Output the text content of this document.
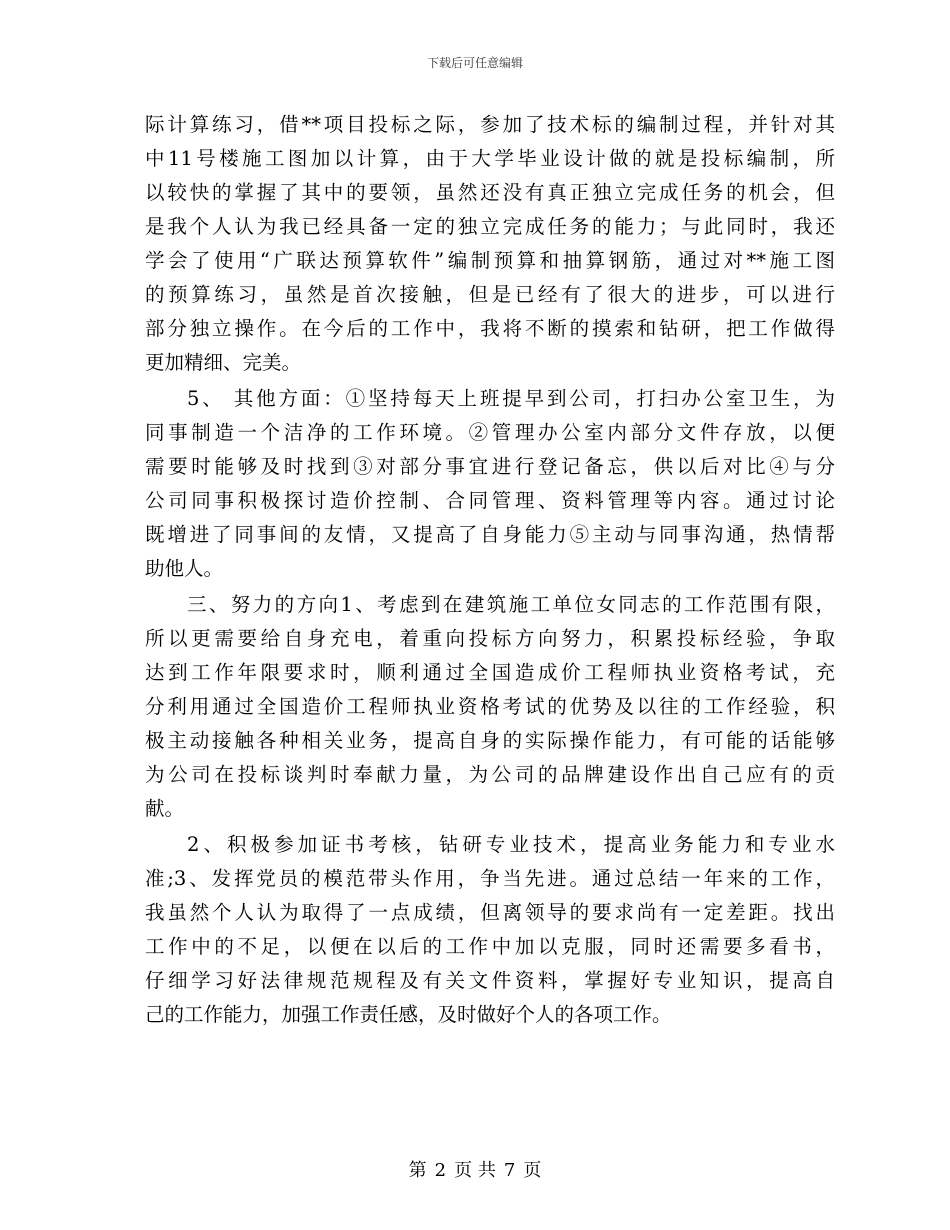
下载后可任意编辑
际计算练习，借**项目投标之际，参加了技术标的编制过程，并针对其
中11号楼施工图加以计算，由于大学毕业设计做的就是投标编制，所
以较快的掌握了其中的要领，虽然还没有真正独立完成任务的机会，但
是我个人认为我已经具备一定的独立完成任务的能力；与此同时，我还
学会了使用“广联达预算软件”编制预算和抽算钢筋，通过对**施工图
的预算练习，虽然是首次接触，但是已经有了很大的进步，可以进行
部分独立操作。在今后的工作中，我将不断的摸索和钻研，把工作做得
更加精细、完美。
5、 其他方面：①坚持每天上班提早到公司，打扫办公室卫生，为
同事制造一个洁净的工作环境。②管理办公室内部分文件存放，以便
需要时能够及时找到③对部分事宜进行登记备忘，供以后对比④与分
公司同事积极探讨造价控制、合同管理、资料管理等内容。通过讨论
既增进了同事间的友情，又提高了自身能力⑤主动与同事沟通，热情帮
助他人。
三、努力的方向1、考虑到在建筑施工单位女同志的工作范围有限，
所以更需要给自身充电，着重向投标方向努力，积累投标经验，争取
达到工作年限要求时，顺利通过全国造成价工程师执业资格考试，充
分利用通过全国造价工程师执业资格考试的优势及以往的工作经验，积
极主动接触各种相关业务，提高自身的实际操作能力，有可能的话能够
为公司在投标谈判时奉献力量，为公司的品牌建设作出自己应有的贡
献。
2、积极参加证书考核，钻研专业技术，提高业务能力和专业水
准;3、发挥党员的模范带头作用，争当先进。通过总结一年来的工作，
我虽然个人认为取得了一点成绩，但离领导的要求尚有一定差距。找出
工作中的不足，以便在以后的工作中加以克服，同时还需要多看书，
仔细学习好法律规范规程及有关文件资料，掌握好专业知识，提高自
己的工作能力，加强工作责任感，及时做好个人的各项工作。
第 2 页 共 7 页
